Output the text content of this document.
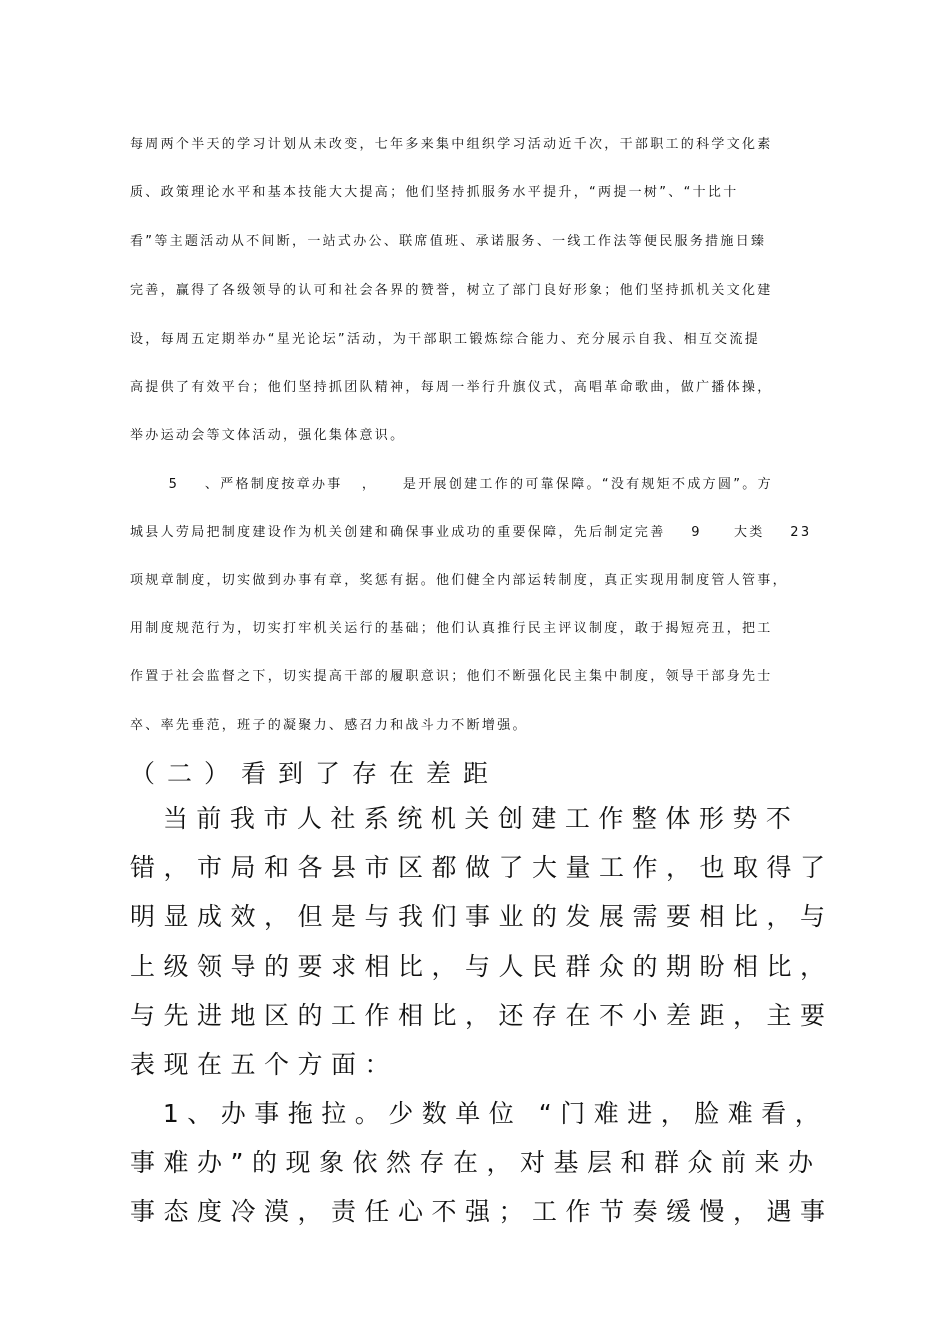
每周两个半天的学习计划从未改变，七年多来集中组织学习活动近千次，干部职工的科学文化素
质、政策理论水平和基本技能大大提高；他们坚持抓服务水平提升，“两提一树”、“十比十
看”等主题活动从不间断，一站式办公、联席值班、承诺服务、一线工作法等便民服务措施日臻
完善，赢得了各级领导的认可和社会各界的赞誉，树立了部门良好形象；他们坚持抓机关文化建
设，每周五定期举办“星光论坛”活动，为干部职工锻炼综合能力、充分展示自我、相互交流提
高提供了有效平台；他们坚持抓团队精神，每周一举行升旗仪式，高唱革命歌曲，做广播体操，
举办运动会等文体活动，强化集体意识。
5    、严格制度按章办事   ，    是开展创建工作的可靠保障。“没有规矩不成方圆”。方
城县人劳局把制度建设作为机关创建和确保事业成功的重要保障，先后制定完善    9     大类    23
项规章制度，切实做到办事有章，奖惩有据。他们健全内部运转制度，真正实现用制度管人管事，
用制度规范行为，切实打牢机关运行的基础；他们认真推行民主评议制度，敢于揭短亮丑，把工
作置于社会监督之下，切实提高干部的履职意识；他们不断强化民主集中制度，领导干部身先士
卒、率先垂范，班子的凝聚力、感召力和战斗力不断增强。
（二）看到了存在差距
当前我市人社系统机关创建工作整体形势不
错，市局和各县市区都做了大量工作，也取得了
明显成效，但是与我们事业的发展需要相比，与
上级领导的要求相比，与人民群众的期盼相比，
与先进地区的工作相比，还存在不小差距，主要
表现在五个方面：
1、办事拖拉。少数单位 “门难进，脸难看，
事难办”的现象依然存在，对基层和群众前来办
事态度冷漠，责任心不强；工作节奏缓慢，遇事
